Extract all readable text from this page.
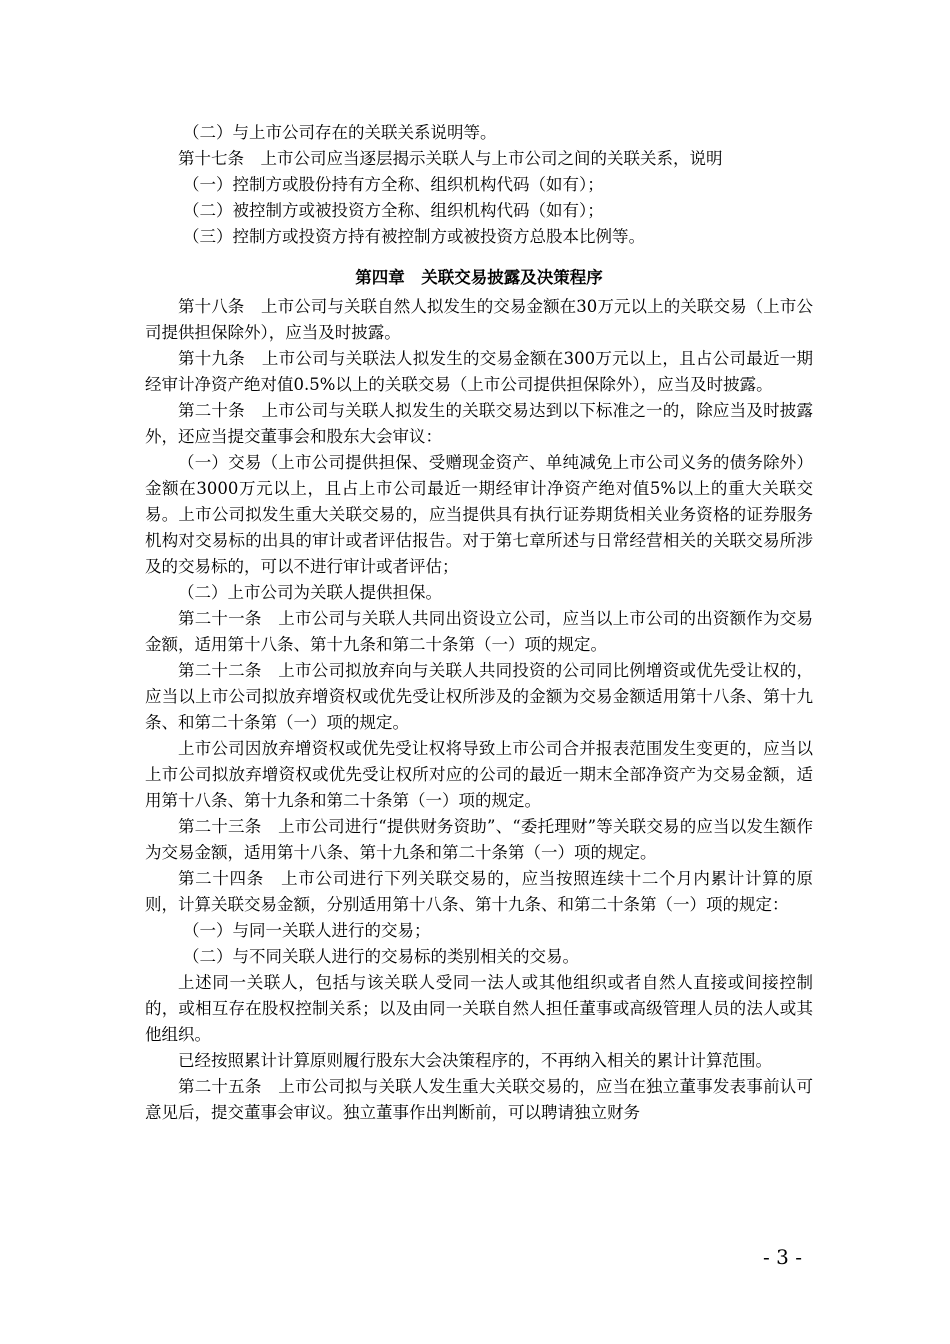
（二）与上市公司存在的关联关系说明等。

第十七条　上市公司应当逐层揭示关联人与上市公司之间的关联关系，说明

（一）控制方或股份持有方全称、组织机构代码（如有）；

（二）被控制方或被投资方全称、组织机构代码（如有）；

（三）控制方或投资方持有被控制方或被投资方总股本比例等。

第四章　关联交易披露及决策程序

第十八条　上市公司与关联自然人拟发生的交易金额在30万元以上的关联交易（上市公司提供担保除外），应当及时披露。

第十九条　上市公司与关联法人拟发生的交易金额在300万元以上，且占公司最近一期经审计净资产绝对值0.5%以上的关联交易（上市公司提供担保除外），应当及时披露。

第二十条　上市公司与关联人拟发生的关联交易达到以下标准之一的，除应当及时披露外，还应当提交董事会和股东大会审议：

（一）交易（上市公司提供担保、受赠现金资产、单纯减免上市公司义务的债务除外）金额在3000万元以上，且占上市公司最近一期经审计净资产绝对值5%以上的重大关联交易。上市公司拟发生重大关联交易的，应当提供具有执行证券期货相关业务资格的证券服务机构对交易标的出具的审计或者评估报告。对于第七章所述与日常经营相关的关联交易所涉及的交易标的，可以不进行审计或者评估；

（二）上市公司为关联人提供担保。

第二十一条　上市公司与关联人共同出资设立公司，应当以上市公司的出资额作为交易金额，适用第十八条、第十九条和第二十条第（一）项的规定。

第二十二条　上市公司拟放弃向与关联人共同投资的公司同比例增资或优先受让权的，应当以上市公司拟放弃增资权或优先受让权所涉及的金额为交易金额适用第十八条、第十九条、和第二十条第（一）项的规定。

上市公司因放弃增资权或优先受让权将导致上市公司合并报表范围发生变更的，应当以上市公司拟放弃增资权或优先受让权所对应的公司的最近一期末全部净资产为交易金额，适用第十八条、第十九条和第二十条第（一）项的规定。

第二十三条　上市公司进行“提供财务资助”、“委托理财”等关联交易的应当以发生额作为交易金额，适用第十八条、第十九条和第二十条第（一）项的规定。

第二十四条　上市公司进行下列关联交易的，应当按照连续十二个月内累计计算的原则，计算关联交易金额，分别适用第十八条、第十九条、和第二十条第（一）项的规定：

（一）与同一关联人进行的交易；

（二）与不同关联人进行的交易标的类别相关的交易。

上述同一关联人，包括与该关联人受同一法人或其他组织或者自然人直接或间接控制的，或相互存在股权控制关系；以及由同一关联自然人担任董事或高级管理人员的法人或其他组织。

已经按照累计计算原则履行股东大会决策程序的，不再纳入相关的累计计算范围。

第二十五条　上市公司拟与关联人发生重大关联交易的，应当在独立董事发表事前认可意见后，提交董事会审议。独立董事作出判断前，可以聘请独立财务

- 3 -
